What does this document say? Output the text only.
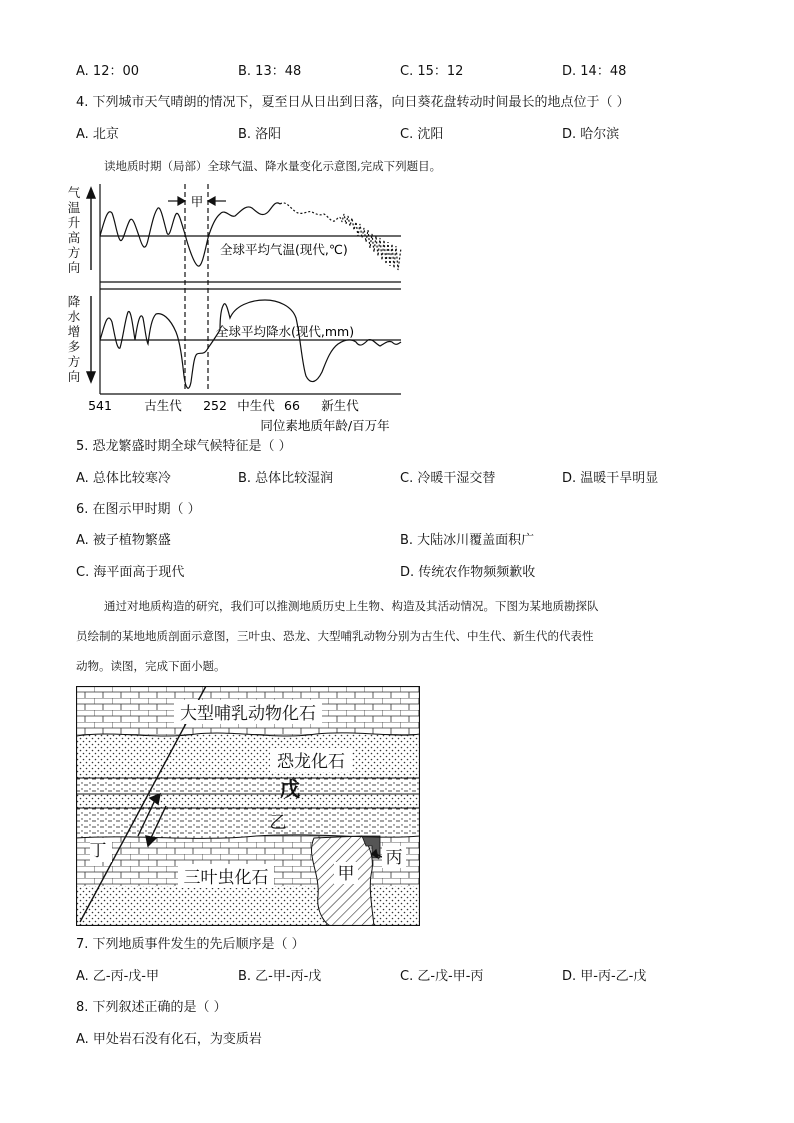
A. 12：00	B. 13：48	C. 15：12	D. 14：48
4. 下列城市天气晴朗的情况下，夏至日从日出到日落，向日葵花盘转动时间最长的地点位于（ ）
A. 北京	B. 洛阳	C. 沈阳	D. 哈尔滨
读地质时期（局部）全球气温、降水量变化示意图,完成下列题目。
气
温
升
高
方
向
降
水
增
多
方
向
甲
全球平均气温(现代,℃)
全球平均降水(现代,mm)
541	古生代 252 中生代 66 新生代
同位素地质年龄/百万年
5. 恐龙繁盛时期全球气候特征是（ ）
A. 总体比较寒冷	B. 总体比较湿润	C. 冷暖干湿交替	D. 温暖干旱明显
6. 在图示甲时期（ ）
A. 被子植物繁盛	B. 大陆冰川覆盖面积广
C. 海平面高于现代	D. 传统农作物频频歉收
通过对地质构造的研究，我们可以推测地质历史上生物、构造及其活动情况。下图为某地质勘探队
员绘制的某地地质剖面示意图，三叶虫、恐龙、大型哺乳动物分别为古生代、中生代、新生代的代表性
动物。读图，完成下面小题。
大型哺乳动物化石
恐龙化石
戊
乙
丁
三叶虫化石	甲
丙
7. 下列地质事件发生的先后顺序是（ ）
A. 乙-丙-戊-甲	B. 乙-甲-丙-戊	C. 乙-戊-甲-丙	D. 甲-丙-乙-戊
8. 下列叙述正确的是（ ）
A. 甲处岩石没有化石，为变质岩
